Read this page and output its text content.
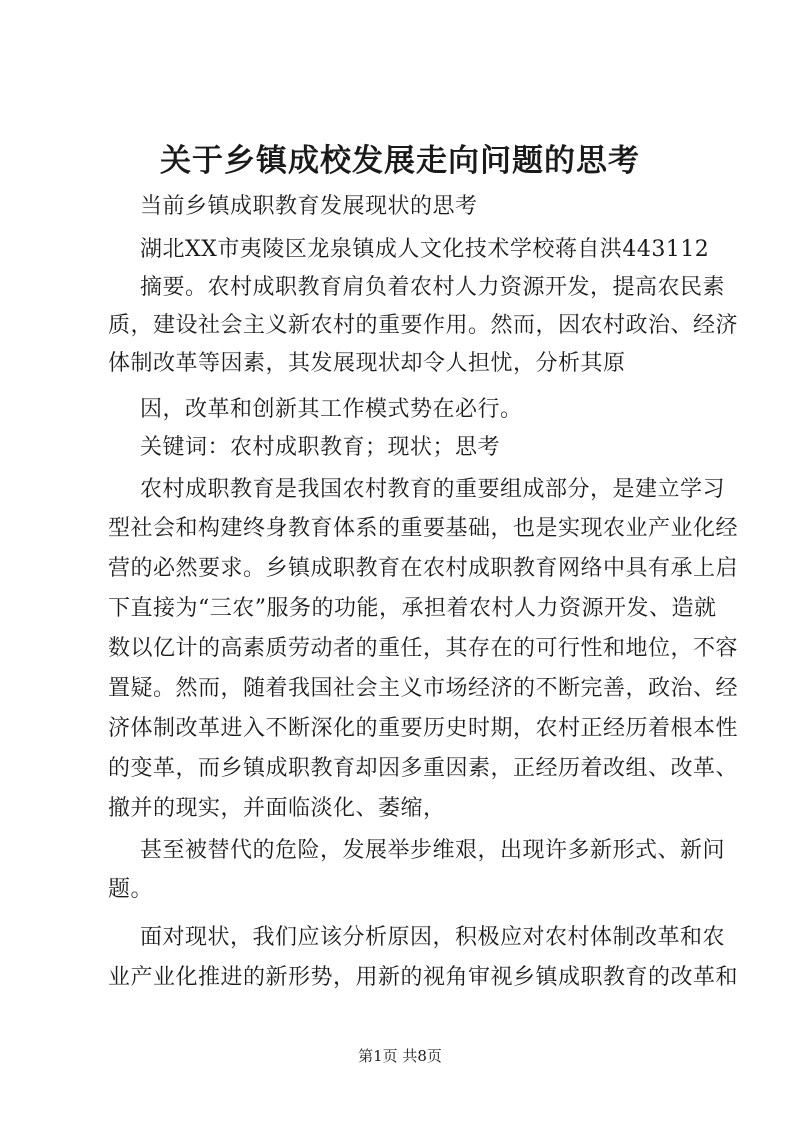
关于乡镇成校发展走向问题的思考
当前乡镇成职教育发展现状的思考
湖北XX市夷陵区龙泉镇成人文化技术学校蒋自洪443112
摘要。农村成职教育肩负着农村人力资源开发，提高农民素
质，建设社会主义新农村的重要作用。然而，因农村政治、经济
体制改革等因素，其发展现状却令人担忧，分析其原
因，改革和创新其工作模式势在必行。
关键词：农村成职教育；现状；思考
农村成职教育是我国农村教育的重要组成部分，是建立学习
型社会和构建终身教育体系的重要基础，也是实现农业产业化经
营的必然要求。乡镇成职教育在农村成职教育网络中具有承上启
下直接为“三农”服务的功能，承担着农村人力资源开发、造就
数以亿计的高素质劳动者的重任，其存在的可行性和地位，不容
置疑。然而，随着我国社会主义市场经济的不断完善，政治、经
济体制改革进入不断深化的重要历史时期，农村正经历着根本性
的变革，而乡镇成职教育却因多重因素，正经历着改组、改革、
撤并的现实，并面临淡化、萎缩，
甚至被替代的危险，发展举步维艰，出现许多新形式、新问
题。
面对现状，我们应该分析原因，积极应对农村体制改革和农
业产业化推进的新形势，用新的视角审视乡镇成职教育的改革和
第1页 共8页
